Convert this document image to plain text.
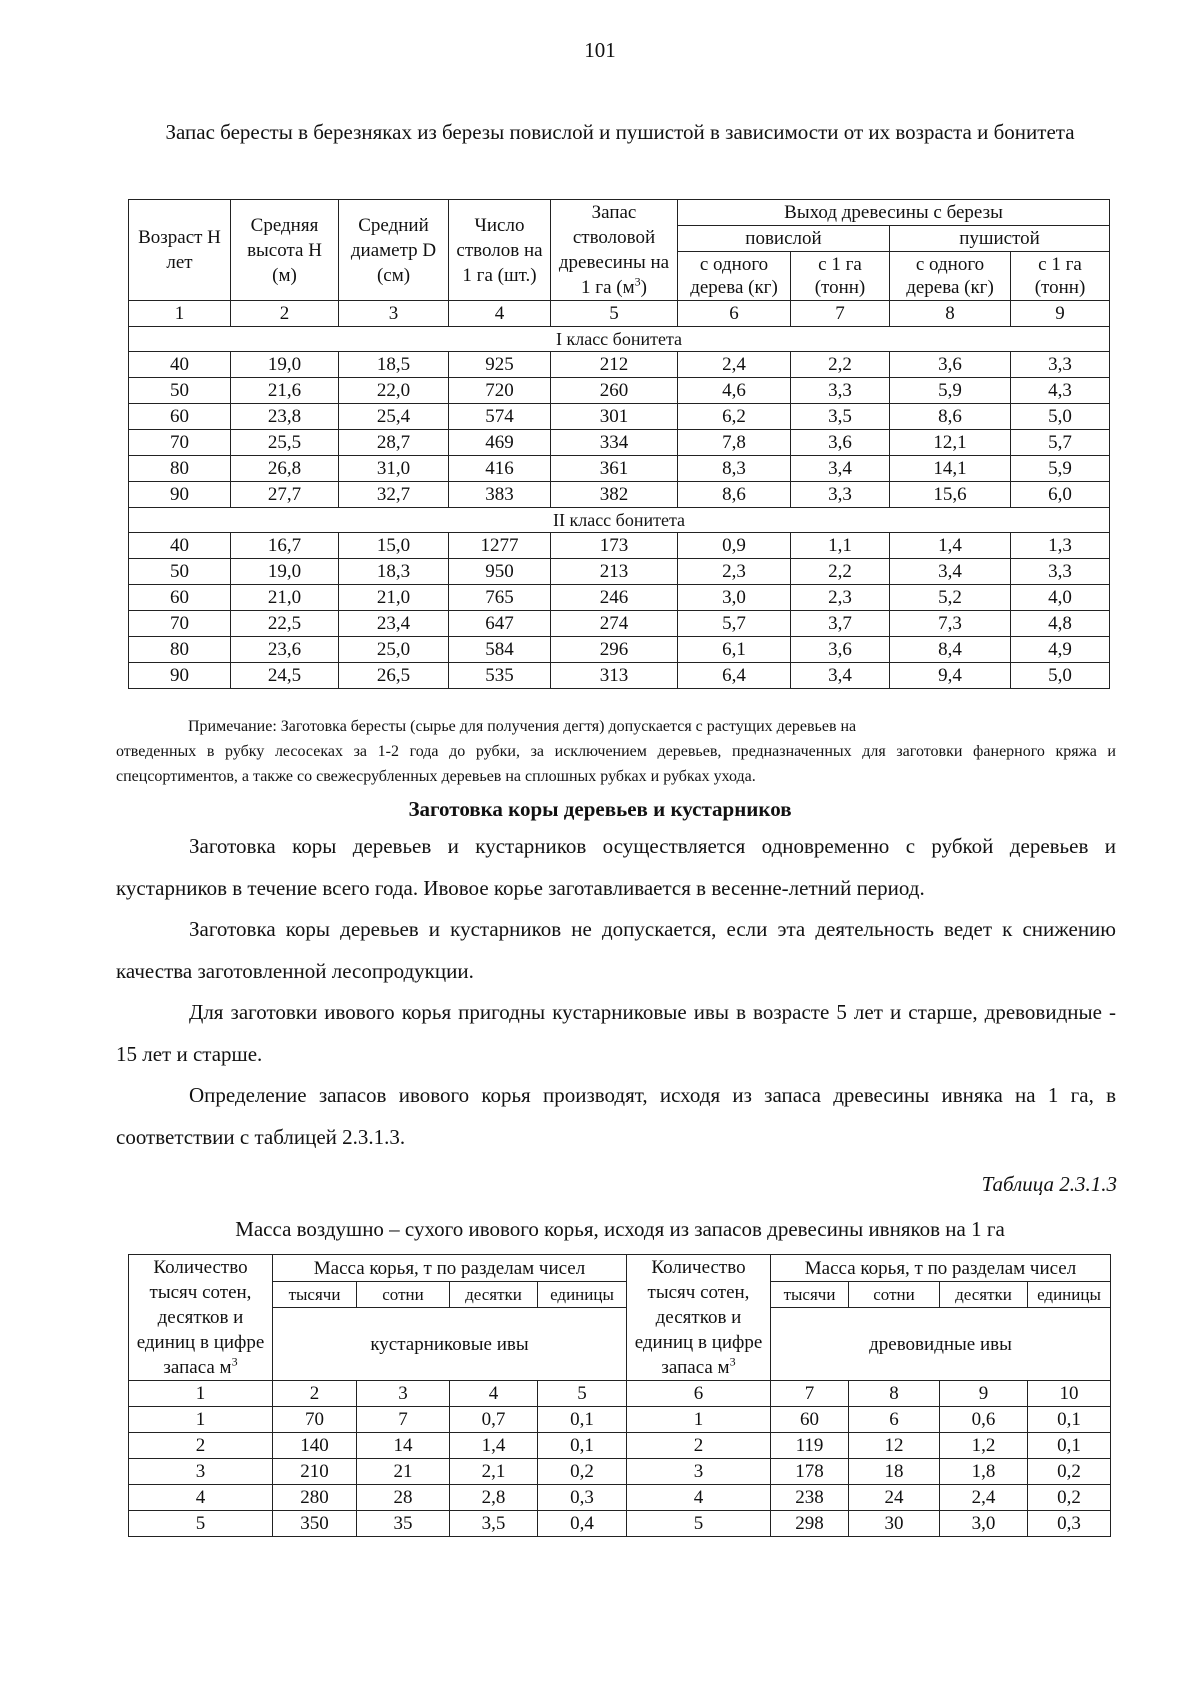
101
Запас бересты в березняках из березы повислой и пушистой в зависимости от их возраста и бонитета
Возраст Н лет	Средняя высота Н (м)	Средний диаметр D (см)	Число стволов на 1 га (шт.)	Запас стволовой древесины на 1 га $(м^3)$	Выход древесины с березы			
					повислой		пушистой	
					с одного дерева (кг)	с 1 га (тонн)	с одного дерева (кг)	с 1 га (тонн)

1	2	3	4	5	6	7	8	9
I класс бонитета								
40	19,0	18,5	925	212	2,4	2,2	3,6	3,3
50	21,6	22,0	720	260	4,6	3,3	5,9	4,3
60	23,8	25,4	574	301	6,2	3,5	8,6	5,0
70	25,5	28,7	469	334	7,8	3,6	12,1	5,7
80	26,8	31,0	416	361	8,3	3,4	14,1	5,9
90	27,7	32,7	383	382	8,6	3,3	15,6	6,0
II класс бонитета								
40	16,7	15,0	1277	173	0,9	1,1	1,4	1,3
50	19,0	18,3	950	213	2,3	2,2	3,4	3,3
60	21,0	21,0	765	246	3,0	2,3	5,2	4,0
70	22,5	23,4	647	274	5,7	3,7	7,3	4,8
80	23,6	25,0	584	296	6,1	3,6	8,4	4,9
90	24,5	26,5	535	313	6,4	3,4	9,4	5,0

Примечание: Заготовка бересты (сырье для получения дегтя) допускается с растущих деревьев на

отведенных в рубку лесосеках за 1-2 года до рубки, за исключением деревьев, предназначенных для заготовки фанерного кряжа и спецсортиментов, а также со свежесрубленных деревьев на сплошных рубках и рубках ухода.

Заготовка коры деревьев и кустарников

Заготовка коры деревьев и кустарников осуществляется одновременно с рубкой деревьев и кустарников в течение всего года. Ивовое корье заготавливается в весенне-летний период.

Заготовка коры деревьев и кустарников не допускается, если эта деятельность ведет к снижению качества заготовленной лесопродукции.

Для заготовки ивового корья пригодны кустарниковые ивы в возрасте 5 лет и старше, древовидные - 15 лет и старше.

Определение запасов ивового корья производят, исходя из запаса древесины ивняка на 1 га, в соответствии с таблицей 2.3.1.3.

Таблица 2.3.1.3
Масса воздушно – сухого ивового корья, исходя из запасов древесины ивняков на 1 га
Количество тысяч сотен, десятков и единиц в цифре запаса $м^3$	Масса корья, т по разделам чисел				Количество тысяч сотен, десятков и единиц в цифре запаса $м^3$	Масса корья, т по разделам чисел			

	тысячи	сотни	десятки	единицы		тысячи	сотни	десятки	единицы
	кустарниковые ивы					древовидные ивы			
1	2	3	4	5	6	7	8	9	10
1	70	7	0,7	0,1	1	60	6	0,6	0,1
2	140	14	1,4	0,1	2	119	12	1,2	0,1
3	210	21	2,1	0,2	3	178	18	1,8	0,2
4	280	28	2,8	0,3	4	238	24	2,4	0,2
5	350	35	3,5	0,4	5	298	30	3,0	0,3
